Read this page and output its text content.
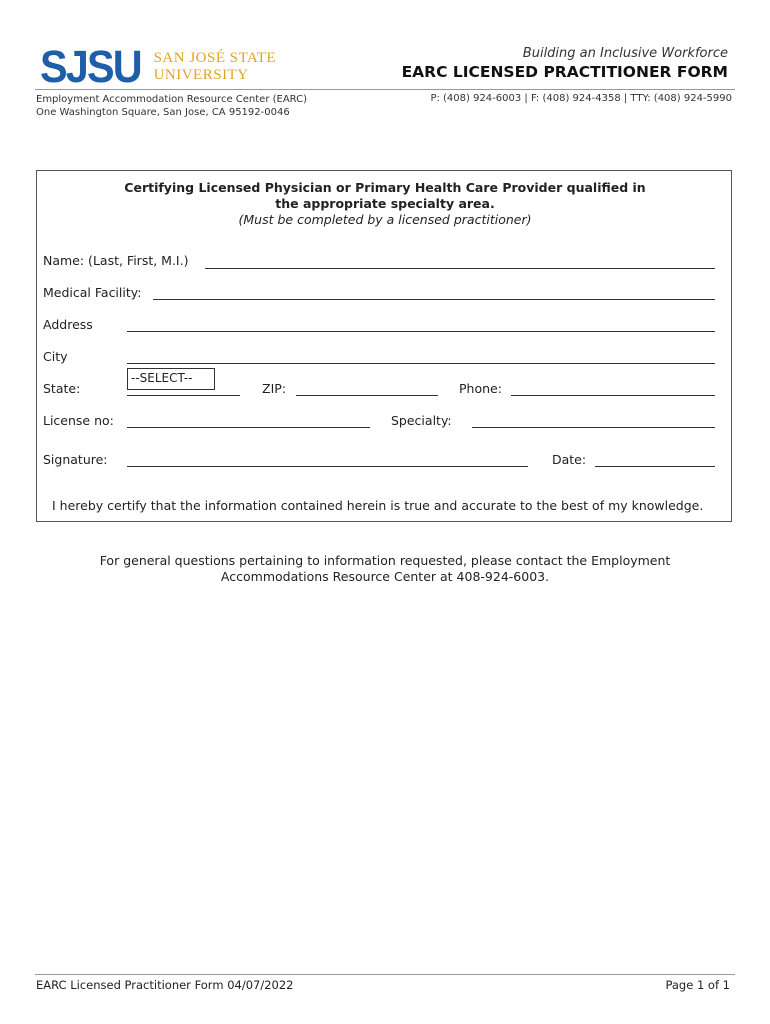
SJSU SAN JOSÉ STATE
UNIVERSITY
Building an Inclusive Workforce
EARC LICENSED PRACTITIONER FORM
Employment Accommodation Resource Center (EARC)
One Washington Square, San Jose, CA 95192-0046
P: (408) 924-6003 | F: (408) 924-4358 | TTY: (408) 924-5990
Certifying Licensed Physician or Primary Health Care Provider qualified in
the appropriate specialty area.
(Must be completed by a licensed practitioner)
Name: (Last, First, M.I.)
Medical Facility:
Address
City
State:
--SELECT--
ZIP:	Phone:
License no:	Specialty:
Signature:	Date:
I hereby certify that the information contained herein is true and accurate to the best of my knowledge.
For general questions pertaining to information requested, please contact the Employment
Accommodations Resource Center at 408-924-6003.
EARC Licensed Practitioner Form 04/07/2022	Page 1 of 1
